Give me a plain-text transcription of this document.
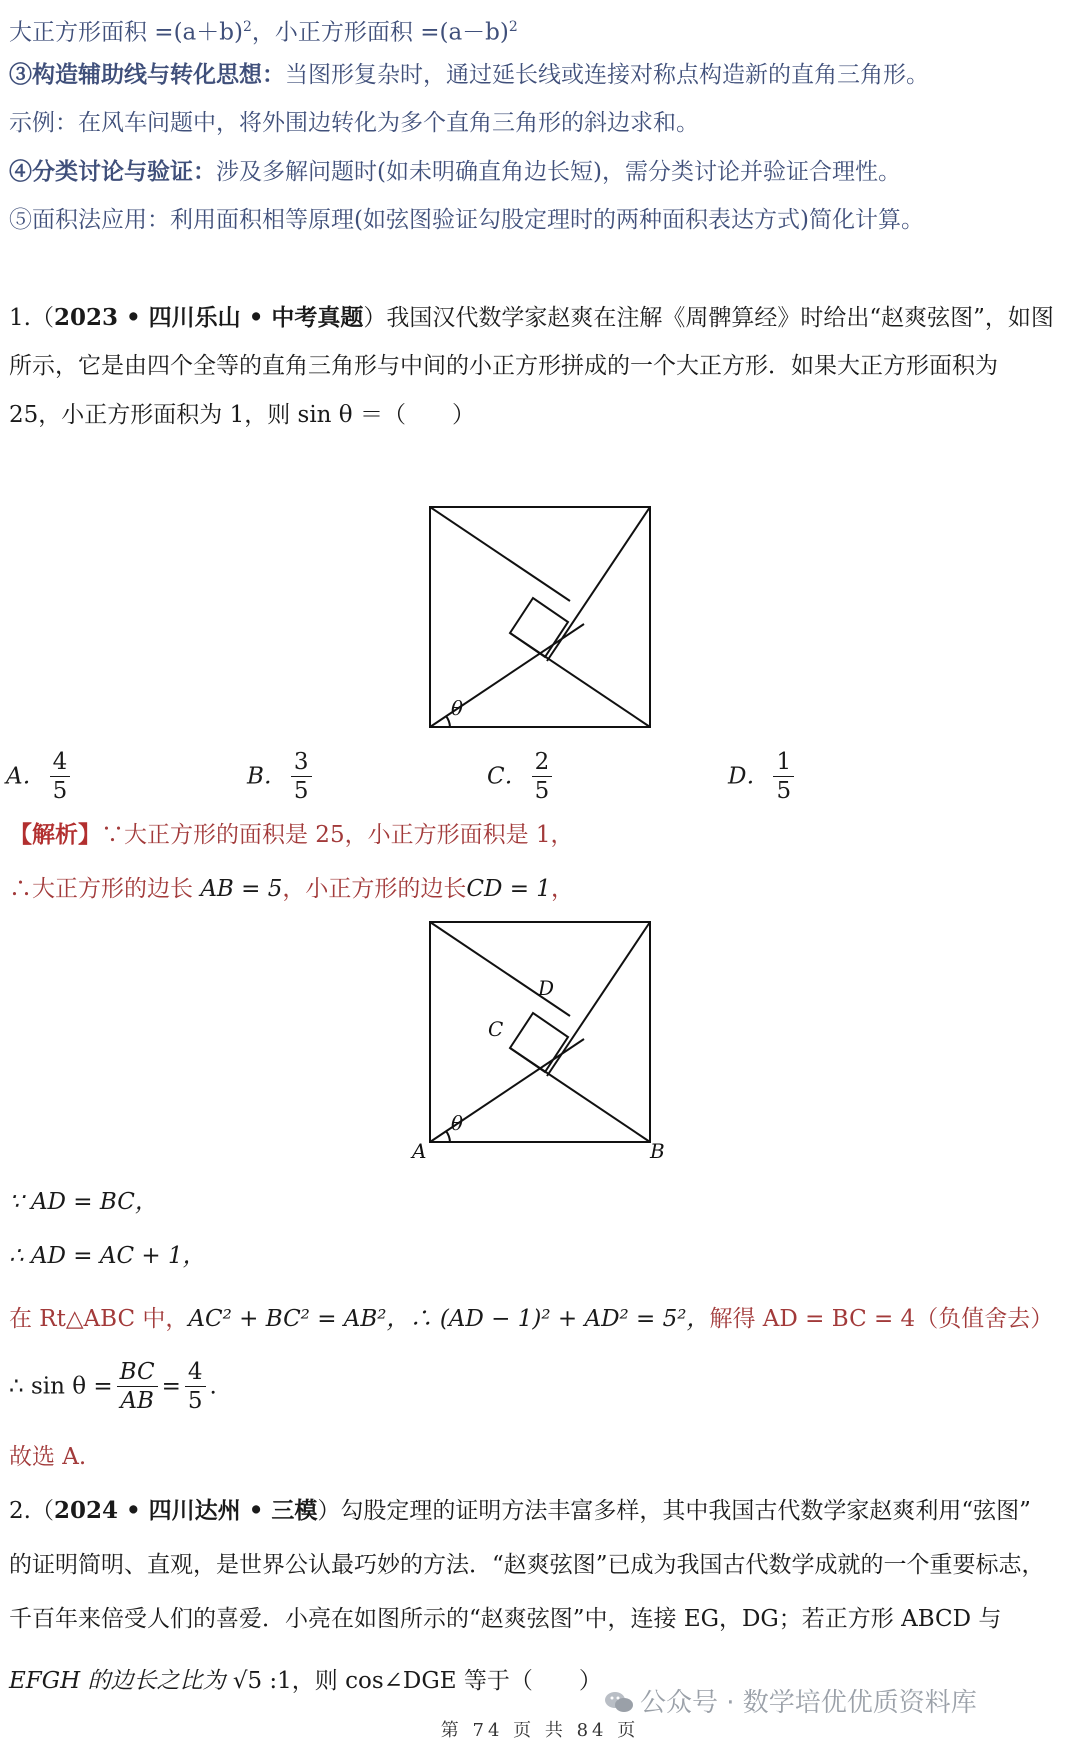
大正方形面积 $=(a+b)^2$，小正方形面积 $=(a-b)^2$
③构造辅助线与转化思想：当图形复杂时，通过延长线或连接对称点构造新的直角三角形。
示例：在风车问题中，将外围边转化为多个直角三角形的斜边求和。
④分类讨论与验证：涉及多解问题时(如未明确直角边长短)，需分类讨论并验证合理性。
⑤面积法应用：利用面积相等原理(如弦图验证勾股定理时的两种面积表达方式)简化计算。
1.（2023 • 四川乐山 • 中考真题）我国汉代数学家赵爽在注解《周髀算经》时给出“赵爽弦图”，如图
所示，它是由四个全等的直角三角形与中间的小正方形拼成的一个大正方形．如果大正方形面积为
25，小正方形面积为 1，则 sin θ ＝（　　）
θ
A． $\frac{4}{5}$	B． $\frac{3}{5}$	C． $\frac{2}{5}$	D． $\frac{1}{5}$
【解析】∵大正方形的面积是 25，小正方形面积是 1，
∴大正方形的边长 AB = 5，小正方形的边长CD = 1，
θ
C
D
A	B
∵ AD = BC，
∴ AD = AC + 1，
在 Rt△ABC 中，AC² + BC² = AB²，∴ (AD − 1)² + AD² = 5²，解得 AD = BC = 4（负值舍去）
∴ $\sin \theta = \frac{BC}{AB} = \frac{4}{5}$ .
故选 A.
2.（2024 • 四川达州 • 三模）勾股定理的证明方法丰富多样，其中我国古代数学家赵爽利用“弦图”
的证明简明、直观，是世界公认最巧妙的方法．“赵爽弦图”已成为我国古代数学成就的一个重要标志，
千百年来倍受人们的喜爱．小亮在如图所示的“赵爽弦图”中，连接 EG，DG；若正方形 ABCD 与
EFGH 的边长之比为 √5 :1，则 cos∠DGE 等于（　　）
公众号 · 数学培优优质资料库
第 74 页 共 84 页
